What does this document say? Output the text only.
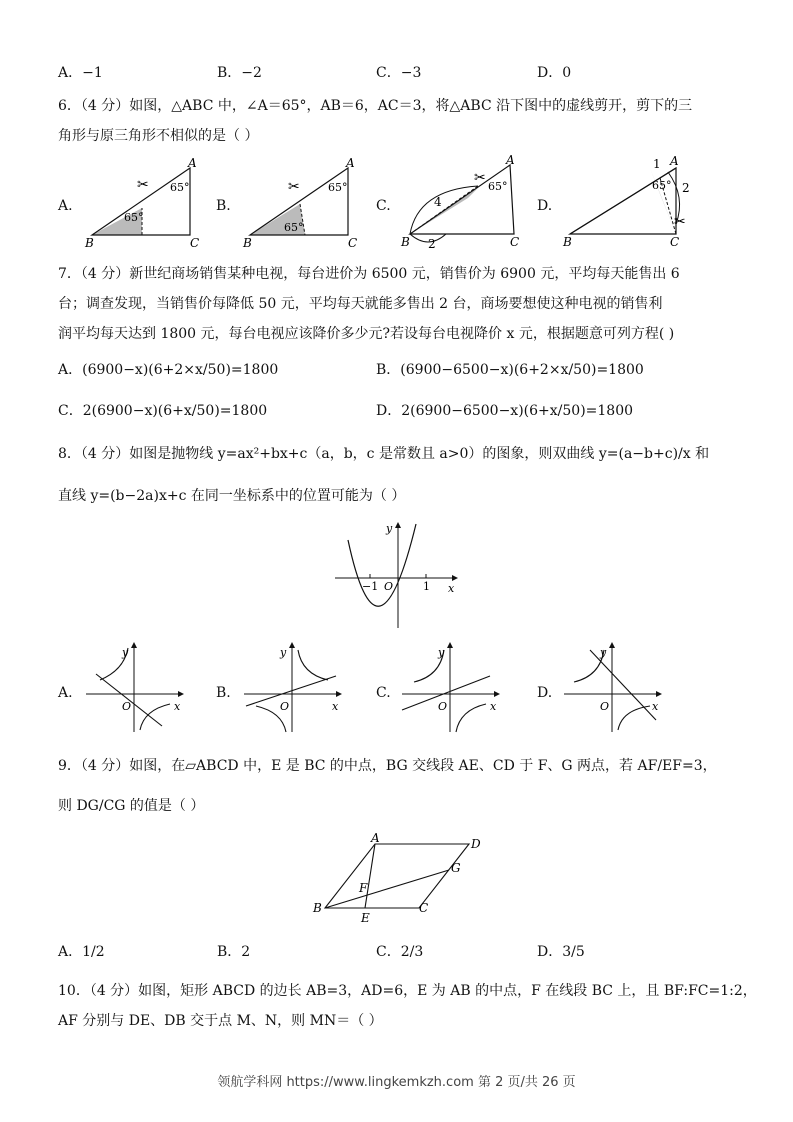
A．−1	B．−2	C．−3	D．0
6．（4 分）如图，△ABC 中，∠A＝65°，AB＝6，AC＝3，将△ABC 沿下图中的虚线剪开，剪下的三
角形与原三角形不相似的是（ ）
A.	B.	C.	D.
B	C
A
65°
65°
✂
B	C
A
65°
65°
✂
B	C
A
65°
4
2
✂
B	C
A
1
2
65°
✂
7．（4 分）新世纪商场销售某种电视，每台进价为 6500 元，销售价为 6900 元，平均每天能售出 6
台；调查发现，当销售价每降低 50 元，平均每天就能多售出 2 台，商场要想使这种电视的销售利
润平均每天达到 1800 元，每台电视应该降价多少元?若设每台电视降价 x 元，根据题意可列方程( )
A．(6900−x)(6+2×x/50)=1800	B．(6900−6500−x)(6+2×x/50)=1800
C．2(6900−x)(6+x/50)=1800	D．2(6900−6500−x)(6+x/50)=1800
8．（4 分）如图是抛物线 y=ax²+bx+c（a，b，c 是常数且 a>0）的图象，则双曲线 y=(a−b+c)/x 和
直线 y=(b−2a)x+c 在同一坐标系中的位置可能为（ ）
−1 O	1 x
y
A.	B.	C.	D.
y
O	x
y
O	x
y
O	x
y
O	x
9．（4 分）如图，在▱ABCD 中，E 是 BC 的中点，BG 交线段 AE、CD 于 F、G 两点，若 AF/EF=3，
则 DG/CG 的值是（ ）
A	D
G
F
B
E
C
A．1/2	B．2	C．2/3	D．3/5
10．（4 分）如图，矩形 ABCD 的边长 AB=3，AD=6，E 为 AB 的中点，F 在线段 BC 上，且 BF:FC=1:2，
AF 分别与 DE、DB 交于点 M、N，则 MN＝（ ）
领航学科网 https://www.lingkemkzh.com 第 2 页/共 26 页
